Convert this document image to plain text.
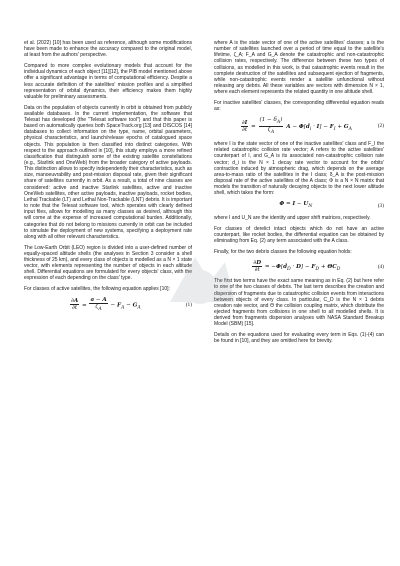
et al. (2022) [10] has been used as reference, although some modifications have been made to enhance the accuracy compared to the original model, at least from the authors' perspective.

Compared to more complex evolutionary models that account for the individual dynamics of each object [11][12], the PIB model mentioned above offer a significant advantage in terms of computational efficiency. Despite a less accurate definition of the satellites' mission profiles and a simplified representation of orbital dynamics, their efficiency makes them highly valuable for preliminary assessments.

Data on the population of objects currently in orbit is obtained from publicly available databases. In the current implementation, the software that Telesat has developed (the "Telesat software tool") and that this paper is based on automatically queries both SpaceTrack.org [13] and DISCOS [14] databases to collect information on the type, name, orbital parameters, physical characteristics, and launch/release epochs of catalogued space objects. This population is then classified into distinct categories. With respect to the approach outlined in [10], this study employs a more refined classification that distinguish some of the existing satellite constellations (e.g., Starlink and OneWeb) from the broader category of active payloads. This distinction allows to specify independently their characteristics, such as size, manoeuvrability and post-mission disposal rate, given their significant share of satellites currently in orbit. As a result, a total of nine classes are considered: active and inactive Starlink satellites, active and inactive OneWeb satellites, other active payloads, inactive payloads, rocket bodies, Lethal Trackable (LT) and Lethal Non-Trackable (LNT) debris. It is important to note that the Telesat software tool, which operates with clearly defined input files, allows for modelling as many classes as desired, although this will come at the expense of increased computational burden. Additionally, categories that do not belong to missions currently in orbit can be included to simulate the deployment of new systems, specifying a deployment rate along with all other relevant characteristics.

The Low-Earth Orbit (LEO) region is divided into a user-defined number of equally-spaced altitude shells (the analyses in Section 3 consider a shell thickness of 25 km), and every class of objects is modelled as a N × 1 state vector, with elements representing the number of objects in each altitude shell. Differential equations are formulated for every objects' class, with the expression of each depending on the class' type.

For classes of active satellites, the following equation applies [10]:

$\frac{\partial A}{\partial t} = \frac{a - A}{\zeta_A} - F_A - G_A$
(1)

where A is the state vector of one of the active satellites' classes; a is the number of satellites launched over a period of time equal to the satellite's lifetime, ζ_A; F_A and G_A denote the catastrophic and non-catastrophic collision rates, respectively. The difference between these two types of collisions, as modelled in this work, is that catastrophic events result in the complete destruction of the satellites and subsequent ejection of fragments, while non-catastrophic events render a satellite unfunctional without releasing any debris. All these variables are vectors with dimension N × 1, where each element represents the related quantity in one altitude shell.

For inactive satellites' classes, the corresponding differential equation reads as:

$\frac{\partial I}{\partial t} = \frac{(1 - \delta_A)}{\zeta_A}$ $A - \Phi[d_i \cdot I] - F_I + G_A$
(2)

where I is the state vector of one of the inactive satellites' class and F_I the related catastrophic collision rate vector; A refers to the active satellites' counterpart of I, and G_A is its associated non-catastrophic collision rate vector; d_i is the N × 1 decay rate vector to account for the orbits' contraction induced by atmospheric drag, which depends on the average area-to-mass ratio of the satellites in the I class; δ_A is the post-mission disposal rate of the active satellites of the A class; Φ is a N × N matrix that models the transition of naturally decaying objects to the next lower altitude shell, which takes the form:

$\Phi = I - U_N$	(3)

where I and U_N are the identity and upper shift matrices, respectively.

For classes of derelict intact objects which do not have an active counterpart, like rocket bodies, the differential equation can be obtained by eliminating from Eq. (2) any term associated with the A class.

Finally, for the two debris classes the following equation holds:

$\frac{\partial D}{\partial t} = -\Phi[d_D \cdot D] - F_D + \Theta C_D$
(4)

The first two terms have the exact same meaning as in Eq. (2) but here refer to one of the two classes of debris. The last term describes the creation and dispersion of fragments due to catastrophic collision events from interactions between objects of every class. In particular, C_D is the N × 1 debris creation rate vector, and Θ the collision coupling matrix, which distribute the ejected fragments from collisions in one shell to all modelled shells. It is derived from fragments dispersion analyses with NASA Standard Breakup Model (SBM) [15].

Details on the equations used for evaluating every term in Eqs. (1)-(4) can be found in [10], and they are omitted here for brevity.
